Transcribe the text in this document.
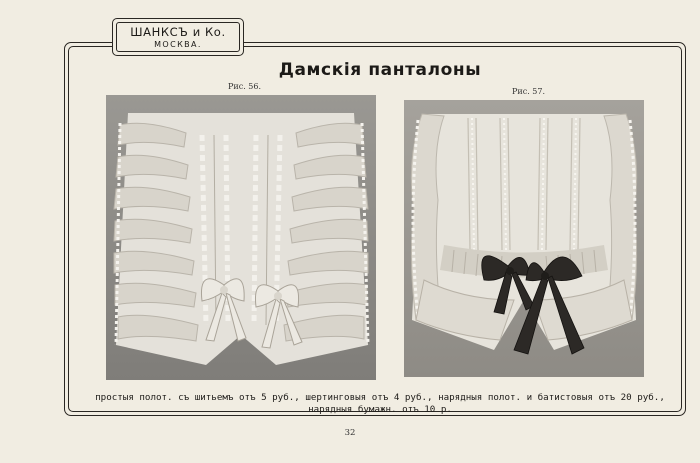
ШАНКСЪ и Ко.
МОСКВА.
Дамскія панталоны
Рис. 56.
Рис. 57.
простыя полот. съ шитьемъ отъ 5 руб., шертинговыя отъ 4 руб., нарядныя полот. и батистовыя отъ 20 руб.,
нарядныя бумажн. отъ 10 р.
32
